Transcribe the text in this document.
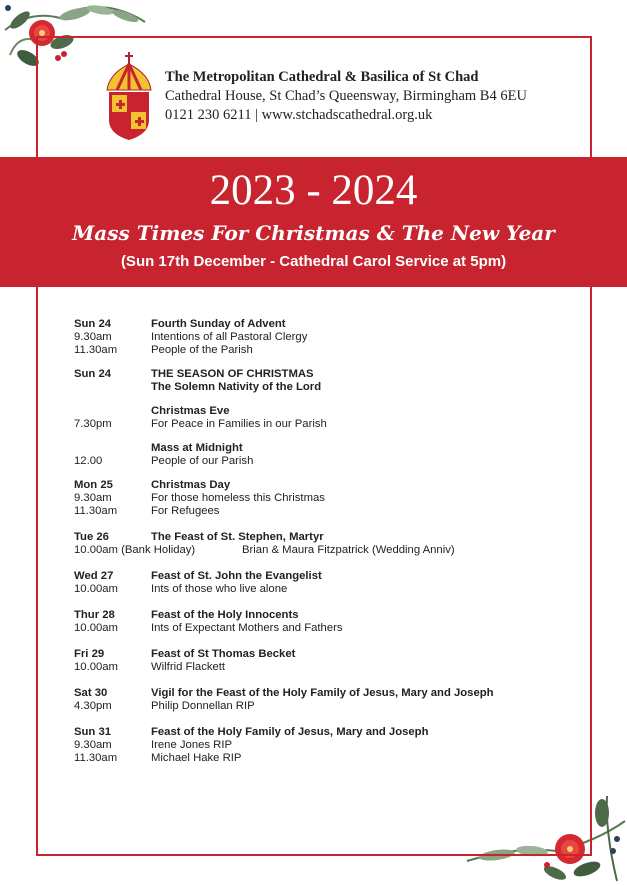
The Metropolitan Cathedral & Basilica of St Chad
Cathedral House, St Chad’s Queensway, Birmingham B4 6EU
0121 230 6211 | www.stchadscathedral.org.uk
2023 - 2024
Mass Times For Christmas & The New Year
(Sun 17th December - Cathedral Carol Service at 5pm)
Sun 24	Fourth Sunday of Advent
9.30am	Intentions of all Pastoral Clergy
11.30am	People of the Parish
Sun 24	THE SEASON OF CHRISTMAS
The Solemn Nativity of the Lord
Christmas Eve
7.30pm	For Peace in Families in our Parish
Mass at Midnight
12.00	People of our Parish
Mon 25	Christmas Day
9.30am	For those homeless this Christmas
11.30am	For Refugees
Tue 26	The Feast of St. Stephen, Martyr
10.00am (Bank Holiday)	Brian & Maura Fitzpatrick (Wedding Anniv)
Wed 27	Feast of St. John the Evangelist
10.00am	Ints of those who live alone
Thur 28	Feast of the Holy Innocents
10.00am	Ints of Expectant Mothers and Fathers
Fri 29	Feast of St Thomas Becket
10.00am	Wilfrid Flackett
Sat 30	Vigil for the Feast of the Holy Family of Jesus, Mary and Joseph
4.30pm	Philip Donnellan RIP
Sun 31	Feast of the Holy Family of Jesus, Mary and Joseph
9.30am	Irene Jones RIP
11.30am	Michael Hake RIP
